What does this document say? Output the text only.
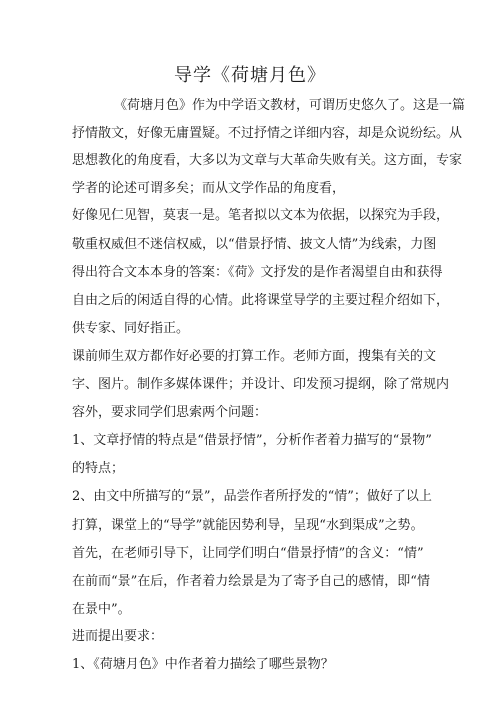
导学《荷塘月色》
《荷塘月色》作为中学语文教材，可谓历史悠久了。这是一篇
抒情散文，好像无庸置疑。不过抒情之详细内容，却是众说纷纭。从
思想教化的角度看，大多以为文章与大革命失败有关。这方面，专家
学者的论述可谓多矣；而从文学作品的角度看，
好像见仁见智，莫衷一是。笔者拟以文本为依据，以探究为手段，
敬重权威但不迷信权威，以“借景抒情、披文人情”为线索，力图
得出符合文本本身的答案：《荷》文抒发的是作者渴望自由和获得
自由之后的闲适自得的心情。此将课堂导学的主要过程介绍如下，
供专家、同好指正。
课前师生双方都作好必要的打算工作。老师方面，搜集有关的文
字、图片。制作多媒体课件；并设计、印发预习提纲，除了常规内
容外，要求同学们思索两个问题：
1、文章抒情的特点是“借景抒情”，分析作者着力描写的“景物”
的特点；
2、由文中所描写的“景”，品尝作者所抒发的“情”；做好了以上
打算，课堂上的“导学”就能因势利导，呈现“水到渠成”之势。
首先，在老师引导下，让同学们明白“借景抒情”的含义：“情”
在前而“景”在后，作者着力绘景是为了寄予自己的感情，即“情
在景中”。
进而提出要求：
1、《荷塘月色》中作者着力描绘了哪些景物？
